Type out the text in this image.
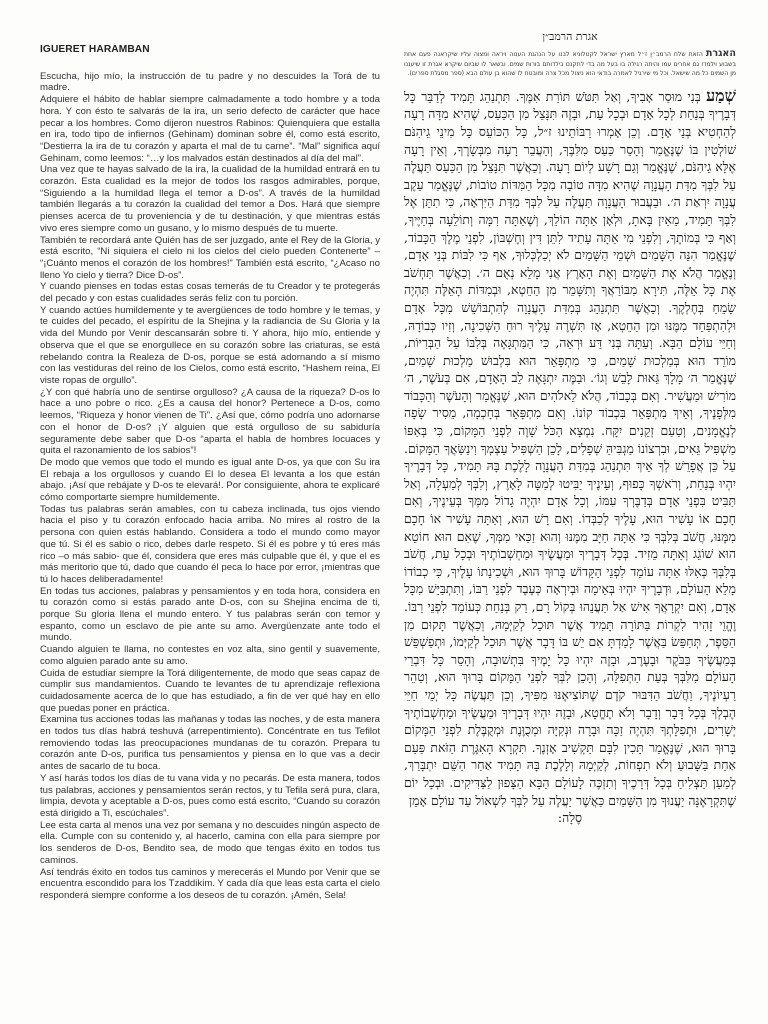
IGUERET HARAMBAN

Escucha, hijo mío, la instrucción de tu padre y no descuides la Torá de tu madre.

Adquiere el hábito de hablar siempre calmadamente a todo hombre y a toda hora. Y con ésto te salvarás de la ira, un serio defecto de carácter que hace pecar a los hombres. Como dijeron nuestros Rabinos: Quienquiera que estalla en ira, todo tipo de infiernos (Gehinam) dominan sobre él, como está escrito, “Destierra la ira de tu corazón y aparta el mal de tu carne”. “Mal” significa aquí Gehinam, como leemos: “…y los malvados están destinados al día del mal”.

Una vez que te hayas salvado de la ira, la cualidad de la humildad entrará en tu corazón. Esta cualidad es la mejor de todos los rasgos admirables, porque, “Siguiendo a la humildad llega el temor a D-os”. A través de la humildad también llegarás a tu corazón la cualidad del temor a Dos. Hará que siempre pienses acerca de tu proveniencia y de tu destinación, y que mientras estás vivo eres siempre como un gusano, y lo mismo después de tu muerte.

También te recordará ante Quién has de ser juzgado, ante el Rey de la Gloria, y está escrito, “Ni siquiera el cielo ni los cielos del cielo pueden Contenerte” – “¡Cuánto menos el corazón de los hombres!” También está escrito, “¿Acaso no lleno Yo cielo y tierra? Dice D-os”.

Y cuando pienses en todas estas cosas temerás de tu Creador y te protegerás del pecado y con estas cualidades serás feliz con tu porción.

Y cuando actúes humildemente y te avergüences de todo hombre y le temas, y te cuides del pecado, el espíritu de la Shejina y la radiancia de Su Gloria y la vida del Mundo por Venir descansarán sobre ti. Y ahora, hijo mío, entiende y observa que el que se enorgullece en su corazón sobre las criaturas, se está rebelando contra la Realeza de D-os, porque se está adornando a sí mismo con las vestiduras del reino de los Cielos, como está escrito, “Hashem reina, El viste ropas de orgullo”.

¿Y con qué habría uno de sentirse orgulloso? ¿A causa de la riqueza? D-os lo hace a uno pobre o rico. ¿Es a causa del honor? Pertenece a D-os, como leemos, “Riqueza y honor vienen de Ti”. ¿Así que, cómo podría uno adornarse con el honor de D-os? ¡Y alguien que está orgulloso de su sabiduría seguramente debe saber que D-os “aparta el habla de hombres locuaces y quita el razonamiento de los sabios”!

De modo que vemos que todo el mundo es igual ante D-os, ya que con Su ira El rebaja a los orgullosos y cuando El lo desea El levanta a los que están abajo. ¡Así que rebájate y D-os te elevará!. Por consiguiente, ahora te explicaré cómo comportarte siempre humildemente.

Todas tus palabras serán amables, con tu cabeza inclinada, tus ojos viendo hacia el piso y tu corazón enfocado hacia arriba. No mires al rostro de la persona con quien estás hablando. Considera a todo el mundo como mayor que tú. Si él es sabio o rico, debes darle respeto. Si él es pobre y tú eres más rico –o más sabio- que él, considera que eres más culpable que él, y que el es más meritorio que tú, dado que cuando él peca lo hace por error, ¡mientras que tú lo haces deliberadamente!

En todas tus acciones, palabras y pensamientos y en toda hora, considera en tu corazón como si estás parado ante D-os, con su Shejina encima de ti, porque Su gloria llena el mundo entero. Y tus palabras serán con temor y espanto, como un esclavo de pie ante su amo. Avergüenzate ante todo el mundo.

Cuando alguien te llama, no contestes en voz alta, sino gentil y suavemente, como alguien parado ante su amo.

Cuida de estudiar siempre la Torá diligentemente, de modo que seas capaz de cumplir sus mandamientos. Cuando te levantes de tu aprendizaje reflexiona cuidadosamente acerca de lo que has estudiado, a fin de ver qué hay en ello que puedas poner en práctica.

Examina tus acciones todas las mañanas y todas las noches, y de esta manera en todos tus días habrá teshuvá (arrepentimiento). Concéntrate en tus Tefilot removiendo todas las preocupaciones mundanas de tu corazón. Prepara tu corazón ante D-os, purifica tus pensamientos y piensa en lo que vas a decir antes de sacarlo de tu boca.

Y así harás todos los días de tu vana vida y no pecarás. De esta manera, todos tus palabras, acciones y pensamientos serán rectos, y tu Tefila será pura, clara, limpia, devota y aceptable a D-os, pues como está escrito, “Cuando su corazón está dirigido a Ti, escúchales”.

Lee esta carta al menos una vez por semana y no descuides ningún aspecto de ella. Cumple con su contenido y, al hacerlo, camina con ella para siempre por los senderos de D-os, Bendito sea, de modo que tengas éxito en todos tus caminos.

Así tendrás éxito en todos tus caminos y merecerás el Mundo por Venir que se encuentra escondido para los Tzaddikim. Y cada día que leas esta carta el cielo responderá siempre conforme a los deseos de tu corazón. ¡Amén, Sela!

אגרת הרמב״ן
האגרת הזאת שלח הרמב״ן ז״ל מארץ ישראל לקטלוניא לבנו על הנהגת הענוה ויראה ומצוה עליו שיקראנה פעם אחת בשבוע וילמדו גם אחרים עמו והיתה רגילה בו בעל מה בדי לתקנם בילדותם בורות שמים. ובשאר לו שביום שיקרא אגרת זו שיעננו מן השמים כל מה שישאל. וכל מי שירגיל לאמרה בודאי הוא ניצול מכל צרה ומובטח לו שהוא בן עולם הבא (ספר מסגלת ספרים).

שְׁמַע בְּנִי מוּסַר אָבִיךָ, וְאַל תִּטֹּשׁ תּוֹרַת אִמֶּךָ. תִּתְנַהֵג תָּמִיד לְדַבֵּר כָּל דְּבָרֶיךָ בְּנַחַת לְכָל אָדָם וּבְכָל עֵת, וּבָזֶה תִּנָּצֵל מִן הַכַּעַס, שֶׁהִיא מִדָּה רָעָה לְהַחְטִיא בְּנֵי אָדָם. וְכֵן אָמְרוּ רַבּוֹתֵינוּ ז״ל, כָּל הַכּוֹעֵס כָּל מִינֵי גֵיהִנֹּם שׁוֹלְטִין בּוֹ שֶׁנֶּאֱמַר וְהָסֵר כַּעַס מִלִּבֶּךָ, וְהַעֲבֵר רָעָה מִבְּשָׂרֶךָ, וְאֵין רָעָה אֶלָּא גֵיהִנֹּם, שֶׁנֶּאֱמַר וְגַם רָשָׁע לְיוֹם רָעָה. וְכַאֲשֶׁר תִּנָּצֵל מִן הַכַּעַס תַּעֲלֶה עַל לִבְּךָ מִדַּת הָעֲנָוָה שֶׁהִיא מִדָּה טוֹבָה מִכָּל הַמִּדּוֹת טוֹבוֹת, שֶׁנֶּאֱמַר עֵקֶב עֲנָוָה יִרְאַת ה׳. וּבַעֲבוּר הָעֲנָוָה תַּעֲלֶה עַל לִבְּךָ מִדַּת הַיִּרְאָה, כִּי תִתֵּן אֶל לִבְּךָ תָּמִיד, מֵאַיִן בָּאתָ, וּלְאָן אַתָּה הוֹלֵךְ, וְשֶׁאַתָּה רִמָּה וְתוֹלֵעָה בְּחַיֶּיךָ, וְאַף כִּי בְּמוֹתֶךָ, וְלִפְנֵי מִי אַתָּה עָתִיד לִתֵּן דִּין וְחֶשְׁבּוֹן, לִפְנֵי מֶלֶךְ הַכָּבוֹד, שֶׁנֶּאֱמַר הִנֵּה הַשָּׁמַיִם וּשְׁמֵי הַשָּׁמַיִם לֹא יְכַלְכְּלוּךָ, אַף כִּי לִבּוֹת בְּנֵי אָדָם, וְנֶאֱמַר הֲלֹא אֶת הַשָּׁמַיִם וְאֶת הָאָרֶץ אֲנִי מָלֵא נְאֻם ה׳. וְכַאֲשֶׁר תַּחְשֹׁב אֶת כָּל אֵלֶּה, תִּירָא מִבּוֹרַאֲךָ וְתִשָּׁמֵר מִן הַחֵטְא, וּבְמִדּוֹת הָאֵלֶּה תִּהְיֶה שָׂמֵחַ בְּחֶלְקֶךָ. וְכַאֲשֶׁר תִּתְנַהֵג בְּמִדַּת הָעֲנָוָה לְהִתְבּוֹשֵׁשׁ מִכָּל אָדָם וּלְהִתְפַּחֵד מִמֶּנּוּ וּמִן הַחֵטְא, אָז תִּשְׁרֶה עָלֶיךָ רוּחַ הַשְּׁכִינָה, וְזִיו כְּבוֹדָהּ, וְחַיֵּי עוֹלָם הַבָּא. וְעַתָּה בְּנִי דַּע וּרְאֵה, כִּי הַמִּתְגָּאֶה בְּלִבּוֹ עַל הַבְּרִיּוֹת, מוֹרֵד הוּא בְּמַלְכוּת שָׁמַיִם, כִּי מִתְפָּאֵר הוּא בִּלְבוּשׁ מַלְכוּת שָׁמַיִם, שֶׁנֶּאֱמַר ה׳ מָלָךְ גֵּאוּת לָבֵשׁ וְגוֹ׳. וּבַמֶּה יִתְגָּאֶה לֵב הָאָדָם, אִם בְּעֹשֶׁר, ה׳ מוֹרִישׁ וּמַעֲשִׁיר. וְאִם בְּכָבוֹד, הֲלֹא לֵאלֹהִים הוּא, שֶׁנֶּאֱמַר וְהָעֹשֶׁר וְהַכָּבוֹד מִלְּפָנֶיךָ, וְאֵיךְ מִתְפָּאֵר בִּכְבוֹד קוֹנוֹ. וְאִם מִתְפָּאֵר בְּחָכְמָה, מֵסִיר שָׂפָה לְנֶאֱמָנִים, וְטַעַם זְקֵנִים יִקָּח. נִמְצָא הַכֹּל שָׁוֶה לִפְנֵי הַמָּקוֹם, כִּי בְּאַפּוֹ מַשְׁפִּיל גֵּאִים, וּבִרְצוֹנוֹ מַגְבִּיהַּ שְׁפָלִים, לָכֵן הַשְׁפִּיל עַצְמְךָ וִינַשַּׂאֲךָ הַמָּקוֹם. עַל כֵּן אֲפָרֵשׁ לְךָ אֵיךְ תִּתְנַהֵג בְּמִדַּת הָעֲנָוָה לָלֶכֶת בָּהּ תָּמִיד, כָּל דְּבָרֶיךָ יִהְיוּ בְּנַחַת, וְרֹאשְׁךָ כָּפוּף, וְעֵינֶיךָ יַבִּיטוּ לְמַטָּה לָאָרֶץ, וְלִבְּךָ לְמַעְלָה, וְאַל תַּבִּיט בִּפְנֵי אָדָם בְּדַבֶּרְךָ עִמּוֹ, וְכָל אָדָם יִהְיֶה גָדוֹל מִמְּךָ בְּעֵינֶיךָ, וְאִם חָכָם אוֹ עָשִׁיר הוּא, עָלֶיךָ לְכַבְּדוֹ. וְאִם רָשׁ הוּא, וְאַתָּה עָשִׁיר אוֹ חָכָם מִמֶּנּוּ, חֲשֹׁב בְּלִבְּךָ כִּי אַתָּה חַיָּב מִמֶּנּוּ וְהוּא זַכַּאי מִמְּךָ, שֶׁאִם הוּא חוֹטֵא הוּא שׁוֹגֵג וְאַתָּה מֵזִיד. בְּכָל דְּבָרֶיךָ וּמַעֲשֶׂיךָ וּמַחְשְׁבוֹתֶיךָ וּבְכָל עֵת, חֲשֹׁב בְּלִבְּךָ כְּאִלּוּ אַתָּה עוֹמֵד לִפְנֵי הַקָּדוֹשׁ בָּרוּךְ הוּא, וּשְׁכִינָתוֹ עָלֶיךָ, כִּי כְבוֹדוֹ מָלֵא הָעוֹלָם, וּדְבָרֶיךָ יִהְיוּ בְּאֵימָה וּבְיִרְאָה כְּעֶבֶד לִפְנֵי רַבּוֹ, וְתִתְבַּיֵּשׁ מִכָּל אָדָם, וְאִם יִקְרָאֲךָ אִישׁ אַל תַּעֲנֵהוּ בְּקוֹל רָם, רַק בְּנַחַת כְּעוֹמֵד לִפְנֵי רַבּוֹ. וֶהֱוֵי זָהִיר לִקְרוֹת בַּתּוֹרָה תָּמִיד אֲשֶׁר תּוּכַל לְקַיְּמָהּ, וְכַאֲשֶׁר תָּקוּם מִן הַסֵּפֶר, תְּחַפֵּשׂ בַּאֲשֶׁר לָמַדְתָּ אִם יֵשׁ בּוֹ דָּבָר אֲשֶׁר תּוּכַל לְקַיְּמוֹ, וּתְפַשְׁפֵּשׁ בְּמַעֲשֶׂיךָ בַּבֹּקֶר וּבָעֶרֶב, וּבָזֶה יִהְיוּ כָּל יָמֶיךָ בִּתְשׁוּבָה, וְהָסֵר כָּל דִּבְרֵי הָעוֹלָם מִלִּבְּךָ בְּעֵת הַתְּפִלָּה, וְהָכֵן לִבְּךָ לִפְנֵי הַמָּקוֹם בָּרוּךְ הוּא, וְטַהֵר רַעְיוֹנֶיךָ, וַחֲשֹׁב הַדִּבּוּר קֹדֶם שֶׁתּוֹצִיאֶנּוּ מִפִּיךָ, וְכֵן תַּעֲשֶׂה כָּל יְמֵי חַיֵּי הֶבְלְךָ בְּכָל דָּבָר וְדָבָר וְלֹא תֶחֱטָא, וּבָזֶה יִהְיוּ דְּבָרֶיךָ וּמַעֲשֶׂיךָ וּמַחְשְׁבוֹתֶיךָ יְשָׁרִים, וּתְפִלָּתְךָ תִּהְיֶה זַכָּה וּבָרָה וּנְקִיָּה וּמְכֻוֶּנֶת וּמְקֻבֶּלֶת לִפְנֵי הַמָּקוֹם בָּרוּךְ הוּא, שֶׁנֶּאֱמַר תָּכִין לִבָּם תַּקְשִׁיב אָזְנֶךָ. תִּקְרָא הָאִגֶּרֶת הַזֹּאת פַּעַם אַחַת בַּשָּׁבוּעַ וְלֹא תִפְחוֹת, לְקַיְּמָהּ וְלָלֶכֶת בָּהּ תָּמִיד אַחַר הַשֵּׁם יִתְבָּרַךְ, לְמַעַן תַּצְלִיחַ בְּכָל דְּרָכֶיךָ וְתִזְכֶּה לָעוֹלָם הַבָּא הַצָּפוּן לַצַּדִּיקִים. וּבְכָל יוֹם שֶׁתִּקְרָאֶנָּה יַעֲנוּךָ מִן הַשָּׁמַיִם כַּאֲשֶׁר יַעֲלֶה עַל לִבְּךָ לִשְׁאוֹל עַד עוֹלָם אָמֵן
סֶלָה:
